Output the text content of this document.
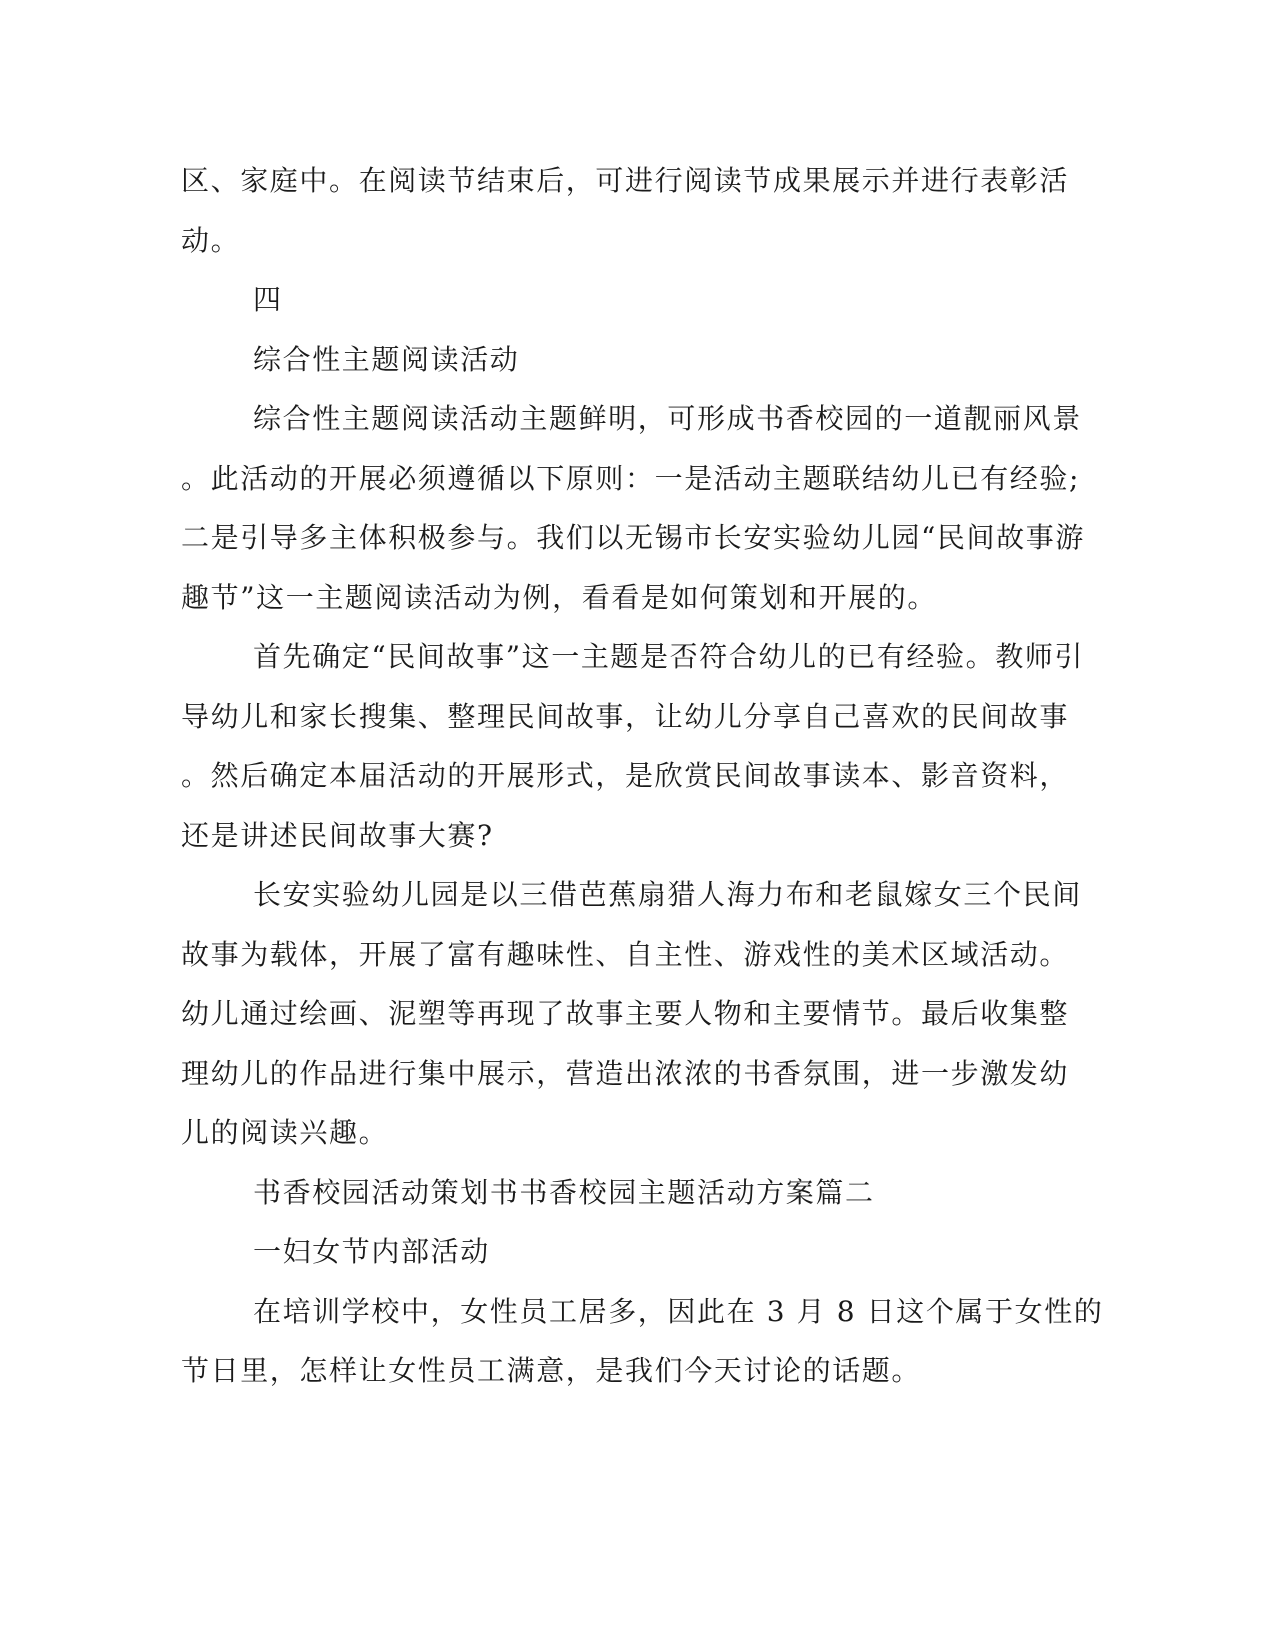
区、家庭中。在阅读节结束后，可进行阅读节成果展示并进行表彰活
动。
四
综合性主题阅读活动
综合性主题阅读活动主题鲜明，可形成书香校园的一道靓丽风景
。此活动的开展必须遵循以下原则：一是活动主题联结幼儿已有经验;
二是引导多主体积极参与。我们以无锡市长安实验幼儿园“民间故事游
趣节”这一主题阅读活动为例，看看是如何策划和开展的。
首先确定“民间故事”这一主题是否符合幼儿的已有经验。教师引
导幼儿和家长搜集、整理民间故事，让幼儿分享自己喜欢的民间故事
。然后确定本届活动的开展形式，是欣赏民间故事读本、影音资料，
还是讲述民间故事大赛?
长安实验幼儿园是以三借芭蕉扇猎人海力布和老鼠嫁女三个民间
故事为载体，开展了富有趣味性、自主性、游戏性的美术区域活动。
幼儿通过绘画、泥塑等再现了故事主要人物和主要情节。最后收集整
理幼儿的作品进行集中展示，营造出浓浓的书香氛围，进一步激发幼
儿的阅读兴趣。
书香校园活动策划书书香校园主题活动方案篇二
一妇女节内部活动
在培训学校中，女性员工居多，因此在 3 月 8 日这个属于女性的
节日里，怎样让女性员工满意，是我们今天讨论的话题。
